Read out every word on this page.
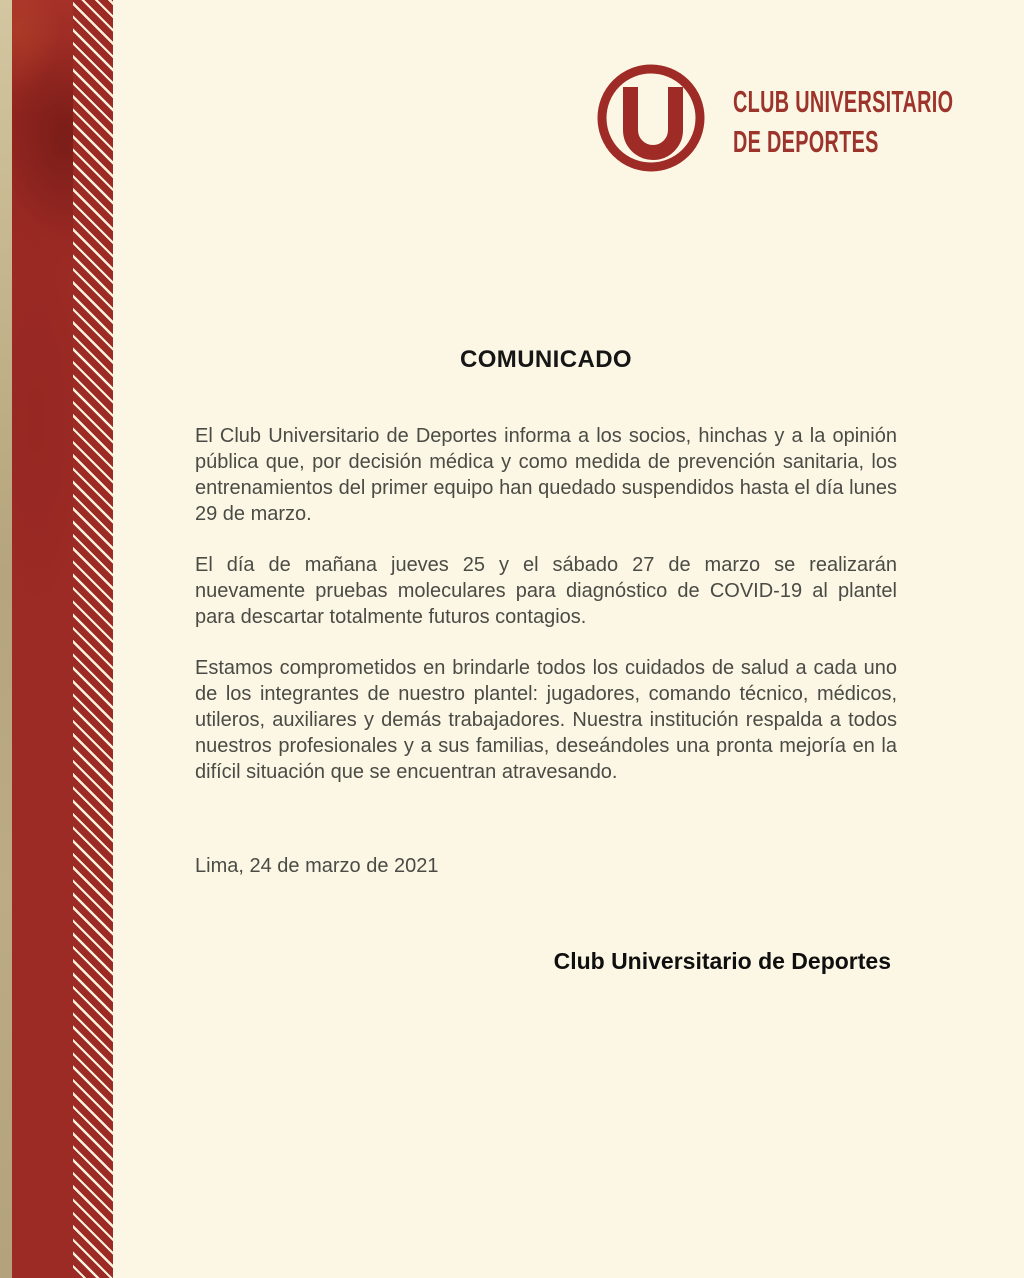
CLUB UNIVERSITARIO
DE DEPORTES
COMUNICADO

El Club Universitario de Deportes informa a los socios, hinchas y a la opinión pública que, por decisión médica y como medida de prevención sanitaria, los entrenamientos del primer equipo han quedado suspendidos hasta el día lunes 29 de marzo.

El día de mañana jueves 25 y el sábado 27 de marzo se realizarán nuevamente pruebas moleculares para diagnóstico de COVID-19 al plantel para descartar totalmente futuros contagios.

Estamos comprometidos en brindarle todos los cuidados de salud a cada uno de los integrantes de nuestro plantel: jugadores, comando técnico, médicos, utileros, auxiliares y demás trabajadores. Nuestra institución respalda a todos nuestros profesionales y a sus familias, deseándoles una pronta mejoría en la difícil situación que se encuentran atravesando.

Lima, 24 de marzo de 2021

Club Universitario de Deportes
